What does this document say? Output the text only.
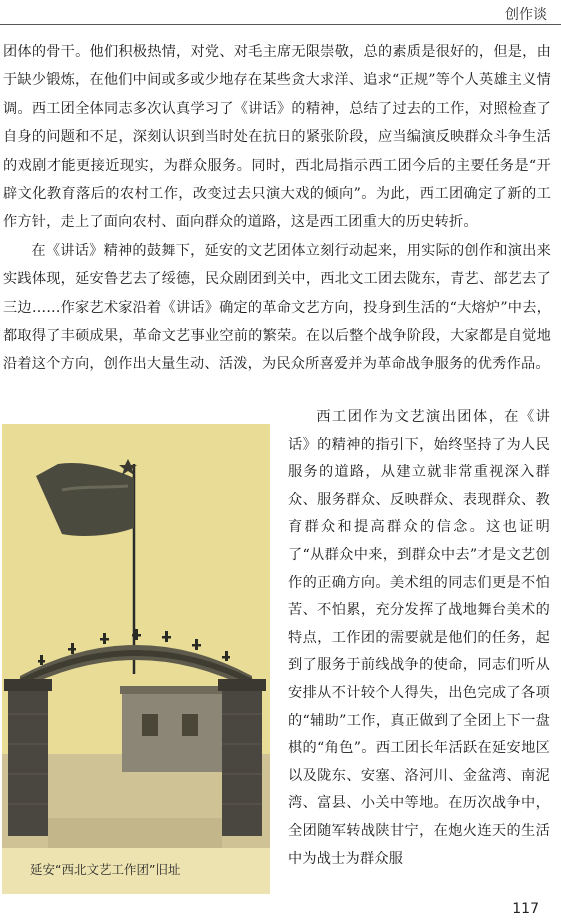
创作谈

团体的骨干。他们积极热情，对党、对毛主席无限崇敬，总的素质是很好的，但是，由于缺少锻炼，在他们中间或多或少地存在某些贪大求洋、追求“正规”等个人英雄主义情调。西工团全体同志多次认真学习了《讲话》的精神，总结了过去的工作，对照检查了自身的问题和不足，深刻认识到当时处在抗日的紧张阶段，应当编演反映群众斗争生活的戏剧才能更接近现实，为群众服务。同时，西北局指示西工团今后的主要任务是“开辟文化教育落后的农村工作，改变过去只演大戏的倾向”。为此，西工团确定了新的工作方针，走上了面向农村、面向群众的道路，这是西工团重大的历史转折。

在《讲话》精神的鼓舞下，延安的文艺团体立刻行动起来，用实际的创作和演出来实践体现，延安鲁艺去了绥德，民众剧团到关中，西北文工团去陇东，青艺、部艺去了三边……作家艺术家沿着《讲话》确定的革命文艺方向，投身到生活的“大熔炉”中去，都取得了丰硕成果，革命文艺事业空前的繁荣。在以后整个战争阶段，大家都是自觉地沿着这个方向，创作出大量生动、活泼，为民众所喜爱并为革命战争服务的优秀作品。

延安“西北文艺工作团”旧址

西工团作为文艺演出团体，在《讲话》的精神的指引下，始终坚持了为人民服务的道路，从建立就非常重视深入群众、服务群众、反映群众、表现群众、教育群众和提高群众的信念。这也证明了“从群众中来，到群众中去”才是文艺创作的正确方向。美术组的同志们更是不怕苦、不怕累，充分发挥了战地舞台美术的特点，工作团的需要就是他们的任务，起到了服务于前线战争的使命，同志们听从安排从不计较个人得失，出色完成了各项的“辅助”工作，真正做到了全团上下一盘棋的“角色”。西工团长年活跃在延安地区以及陇东、安塞、洛河川、金盆湾、南泥湾、富县、小关中等地。在历次战争中，全团随军转战陕甘宁，在炮火连天的生活中为战士为群众服

117
